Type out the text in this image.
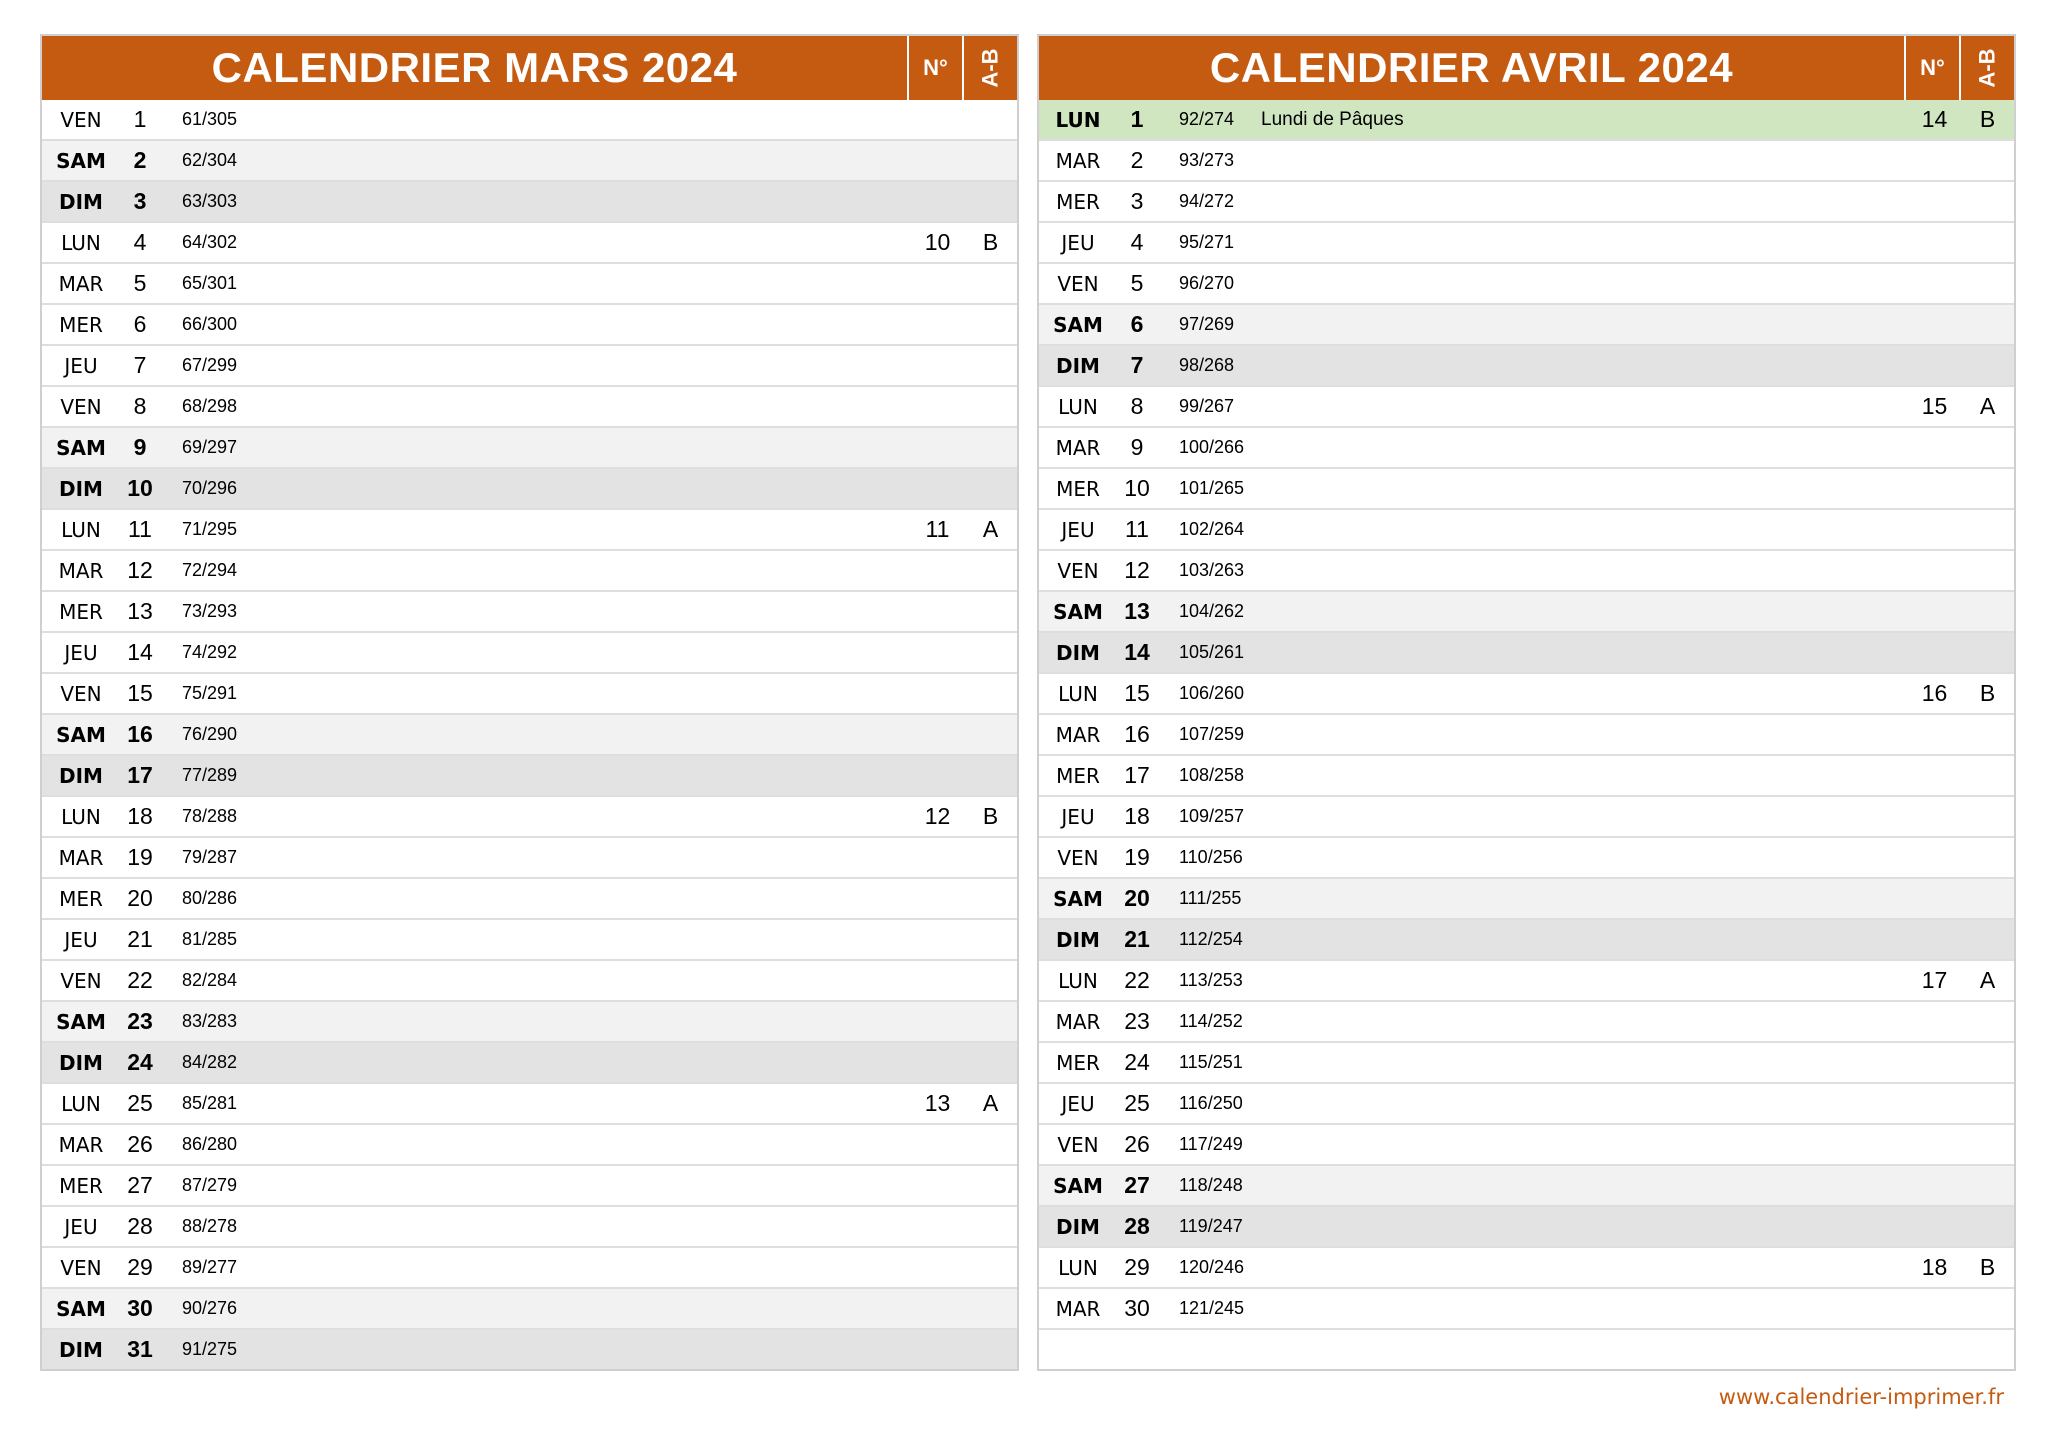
CALENDRIER MARS 2024	N°	A-B
VEN	1	61/305
SAM	2	62/304
DIM	3	63/303
LUN	4	64/302	10	B
MAR	5	65/301
MER	6	66/300
JEU	7	67/299
VEN	8	68/298
SAM	9	69/297
DIM	10	70/296
LUN	11	71/295	11	A
MAR	12	72/294
MER	13	73/293
JEU	14	74/292
VEN	15	75/291
SAM 16	76/290
DIM	17	77/289
LUN	18	78/288	12	B
MAR	19	79/287
MER	20	80/286
JEU	21	81/285
VEN	22	82/284
SAM 23	83/283
DIM	24	84/282
LUN	25	85/281	13	A
MAR	26	86/280
MER	27	87/279
JEU	28	88/278
VEN	29	89/277
SAM 30	90/276
DIM	31	91/275
CALENDRIER AVRIL 2024	N°	A-B
LUN	1	92/274	Lundi de Pâques	14	B
MAR	2	93/273
MER	3	94/272
JEU	4	95/271
VEN	5	96/270
SAM	6	97/269
DIM	7	98/268
LUN	8	99/267	15	A
MAR	9	100/266
MER	10	101/265
JEU	11	102/264
VEN	12	103/263
SAM 13	104/262
DIM	14	105/261
LUN	15	106/260	16	B
MAR	16	107/259
MER	17	108/258
JEU	18	109/257
VEN	19	110/256
SAM 20	111/255
DIM	21	112/254
LUN	22	113/253	17	A
MAR	23	114/252
MER	24	115/251
JEU	25	116/250
VEN	26	117/249
SAM 27	118/248
DIM	28	119/247
LUN	29	120/246	18	B
MAR	30	121/245
www.calendrier-imprimer.fr
